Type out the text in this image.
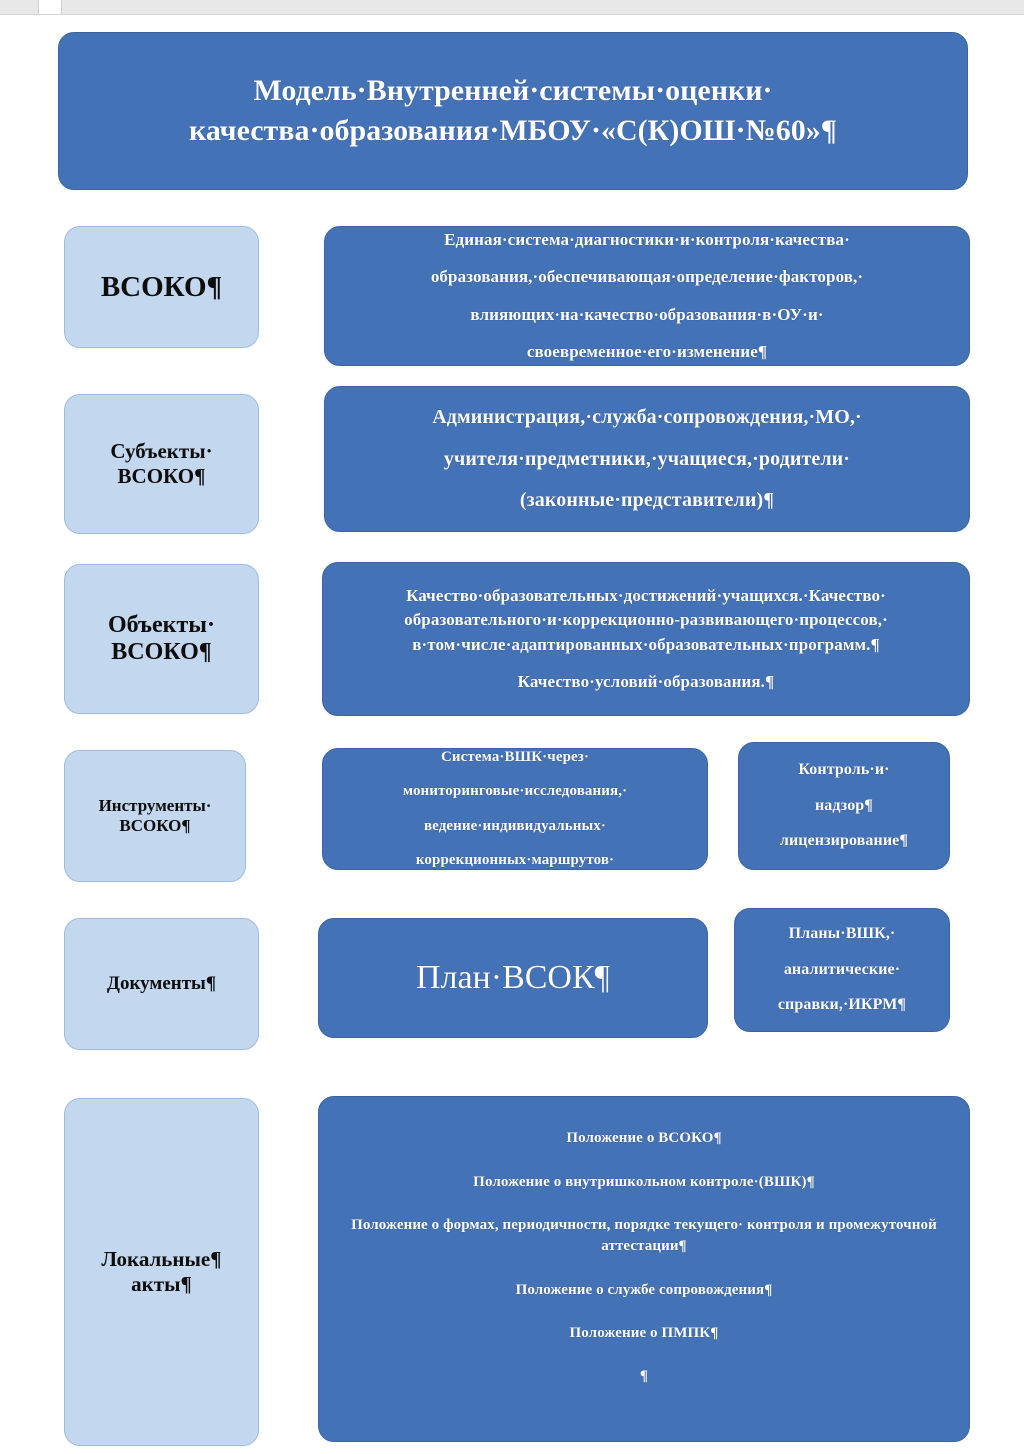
Модель·Внутренней·системы·оценки· качества·образования·МБОУ·«С(К)ОШ·№60»¶
ВСОКО¶

Единая·система·диагностики·и·контроля·качества·

образования,·обеспечивающая·определение·факторов,·

влияющих·на·качество·образования·в·ОУ·и·

своевременное·его·изменение¶

Субъекты· ВСОКО¶

Администрация,·служба·сопровождения,·МО,·

учителя·предметники,·учащиеся,·родители·

(законные·представители)¶

Объекты· ВСОКО¶

Качество·образовательных·достижений·учащихся.·Качество· образовательного·и·коррекционно-развивающего·процессов,· в·том·числе·адаптированных·образовательных·программ.¶

Качество·условий·образования.¶

Инструменты· ВСОКО¶

Система·ВШК·через·

мониторинговые·исследования,·

ведение·индивидуальных·

коррекционных·маршрутов·

Контроль·и·

надзор¶

лицензирование¶

Документы¶	План·ВСОК¶

Планы·ВШК,·

аналитические·

справки,·ИКРМ¶

Локальные¶ акты¶

Положение о ВСОКО¶

Положение о внутришкольном контроле·(ВШК)¶

Положение о формах, периодичности, порядке текущего· контроля и промежуточной аттестации¶

Положение о службе сопровождения¶

Положение о ПМПК¶

¶
